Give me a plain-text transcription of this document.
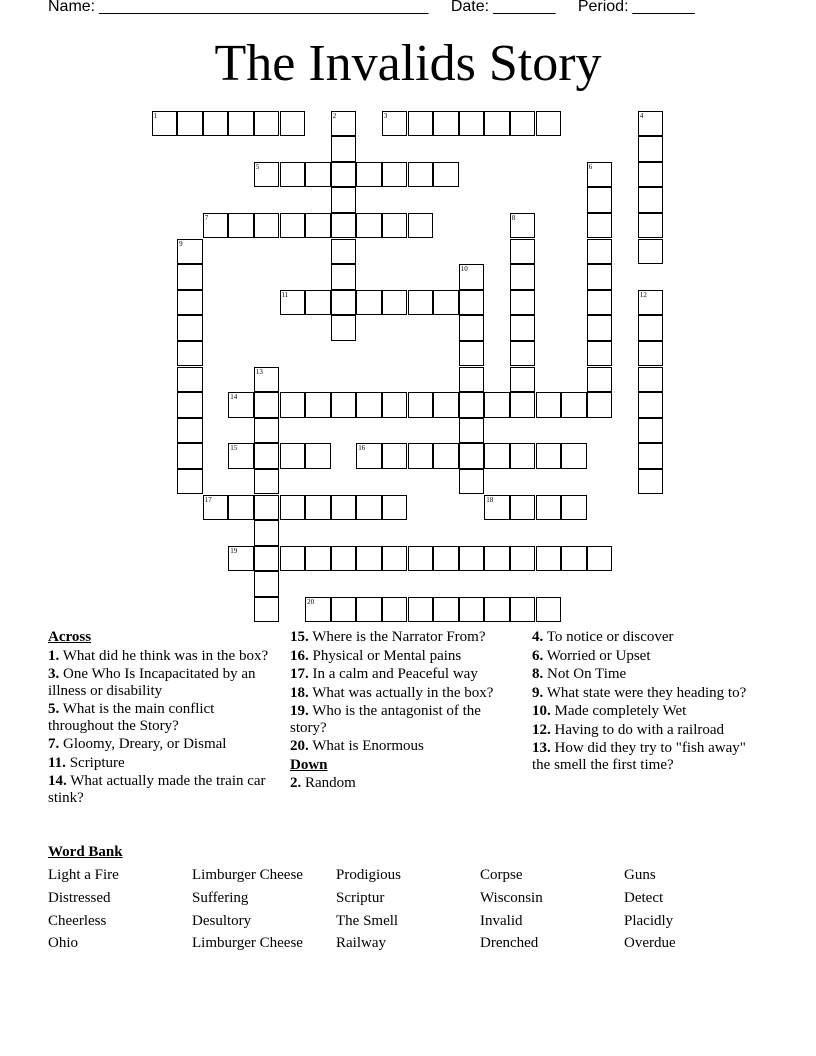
Name: _____________________________________ Date: _______ Period: _______
The Invalids Story
1	2	3	4
5	6
7	8
9
10
11	12
13
14
15	16
17	18
19
20
Across
1. What did he think was in the box?
3. One Who Is Incapacitated by an illness or disability
5. What is the main conflict throughout the Story?
7. Gloomy, Dreary, or Dismal
11. Scripture
14. What actually made the train car stink?
15. Where is the Narrator From?
16. Physical or Mental pains
17. In a calm and Peaceful way
18. What was actually in the box?
19. Who is the antagonist of the story?
20. What is Enormous
Down
2. Random
4. To notice or discover
6. Worried or Upset
8. Not On Time
9. What state were they heading to?
10. Made completely Wet
12. Having to do with a railroad
13. How did they try to "fish away" the smell the first time?
Word Bank
Light a Fire	Limburger Cheese	Prodigious	Corpse	Guns
Distressed	Suffering	Scriptur	Wisconsin	Detect
Cheerless	Desultory	The Smell	Invalid	Placidly
Ohio	Limburger Cheese	Railway	Drenched	Overdue
